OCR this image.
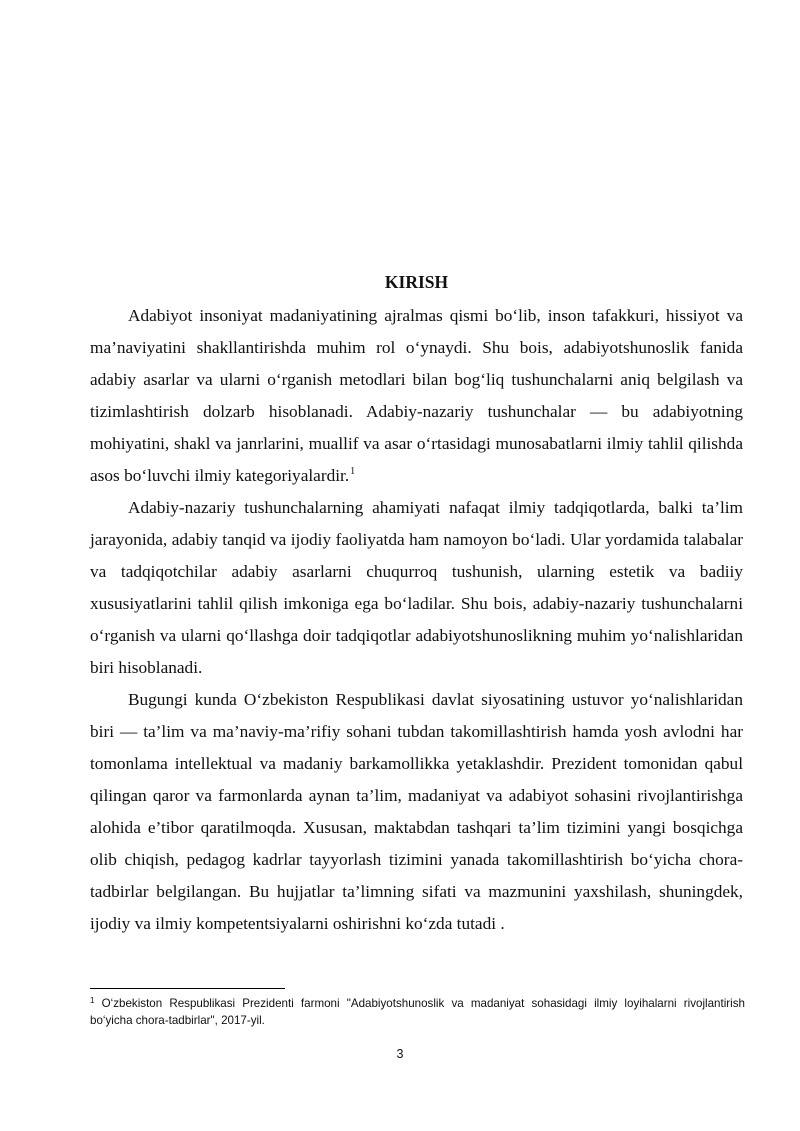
KIRISH

Adabiyot insoniyat madaniyatining ajralmas qismi bo‘lib, inson tafakkuri, hissiyot va ma’naviyatini shakllantirishda muhim rol o‘ynaydi. Shu bois, adabiyotshunoslik fanida adabiy asarlar va ularni o‘rganish metodlari bilan bog‘liq tushunchalarni aniq belgilash va tizimlashtirish dolzarb hisoblanadi. Adabiy-nazariy tushunchalar — bu adabiyotning mohiyatini, shakl va janrlarini, muallif va asar o‘rtasidagi munosabatlarni ilmiy tahlil qilishda asos bo‘luvchi ilmiy kategoriyalardir.$^1$

Adabiy-nazariy tushunchalarning ahamiyati nafaqat ilmiy tadqiqotlarda, balki ta’lim jarayonida, adabiy tanqid va ijodiy faoliyatda ham namoyon bo‘ladi. Ular yordamida talabalar va tadqiqotchilar adabiy asarlarni chuqurroq tushunish, ularning estetik va badiiy xususiyatlarini tahlil qilish imkoniga ega bo‘ladilar. Shu bois, adabiy-nazariy tushunchalarni o‘rganish va ularni qo‘llashga doir tadqiqotlar adabiyotshunoslikning muhim yo‘nalishlaridan biri hisoblanadi.

Bugungi kunda O‘zbekiston Respublikasi davlat siyosatining ustuvor yo‘nalishlaridan biri — ta’lim va ma’naviy-ma’rifiy sohani tubdan takomillashtirish hamda yosh avlodni har tomonlama intellektual va madaniy barkamollikka yetaklashdir. Prezident tomonidan qabul qilingan qaror va farmonlarda aynan ta’lim, madaniyat va adabiyot sohasini rivojlantirishga alohida e’tibor qaratilmoqda. Xususan, maktabdan tashqari ta’lim tizimini yangi bosqichga olib chiqish, pedagog kadrlar tayyorlash tizimini yanada takomillashtirish bo‘yicha chora-tadbirlar belgilangan. Bu hujjatlar ta’limning sifati va mazmunini yaxshilash, shuningdek, ijodiy va ilmiy kompetentsiyalarni oshirishni ko‘zda tutadi .

$^1$ O‘zbekiston Respublikasi Prezidenti farmoni "Adabiyotshunoslik va madaniyat sohasidagi ilmiy loyihalarni rivojlantirish bo‘yicha chora-tadbirlar", 2017-yil.
3
